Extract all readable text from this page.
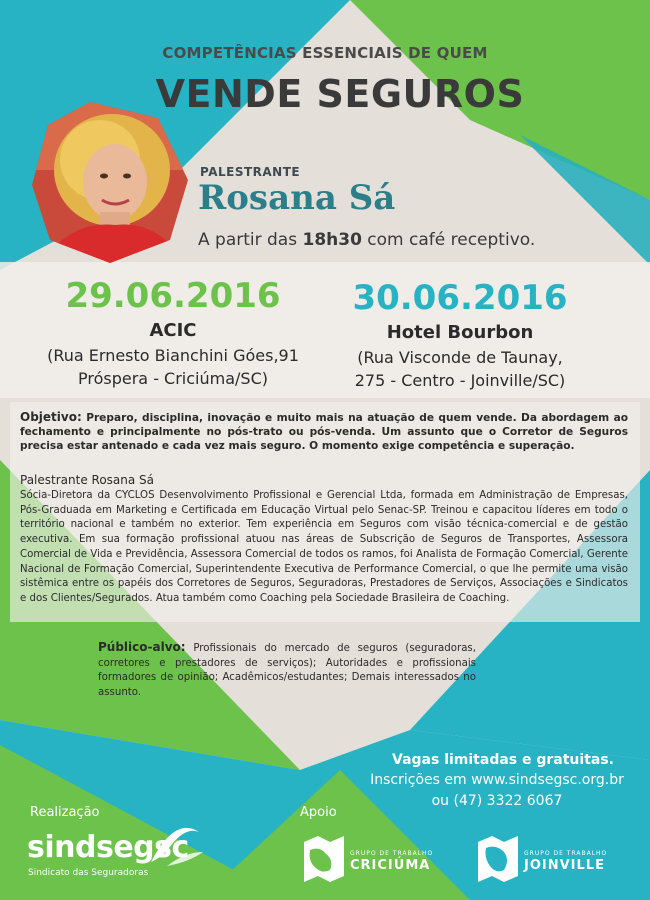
COMPETÊNCIAS ESSENCIAIS DE QUEM
VENDE SEGUROS
PALESTRANTE
Rosana Sá
A partir das 18h30 com café receptivo.
29.06.2016
ACIC
(Rua Ernesto Bianchini Góes,91
Próspera - Criciúma/SC)
30.06.2016
Hotel Bourbon
(Rua Visconde de Taunay,
275 - Centro - Joinville/SC)
Objetivo: Preparo, disciplina, inovação e muito mais na atuação de quem vende. Da abordagem ao fechamento e principalmente no pós-trato ou pós-venda. Um assunto que o Corretor de Seguros precisa estar antenado e cada vez mais seguro. O momento exige competência e superação.
Palestrante Rosana Sá
Sócia-Diretora da CYCLOS Desenvolvimento Profissional e Gerencial Ltda, formada em Administração de Empresas, Pós-Graduada em Marketing e Certificada em Educação Virtual pelo Senac-SP. Treinou e capacitou líderes em todo o território nacional e também no exterior. Tem experiência em Seguros com visão técnica-comercial e de gestão executiva. Em sua formação profissional atuou nas áreas de Subscrição de Seguros de Transportes, Assessora Comercial de Vida e Previdência, Assessora Comercial de todos os ramos, foi Analista de Formação Comercial, Gerente Nacional de Formação Comercial, Superintendente Executiva de Performance Comercial, o que lhe permite uma visão sistêmica entre os papéis dos Corretores de Seguros, Seguradoras, Prestadores de Serviços, Associações e Sindicatos e dos Clientes/Segurados. Atua também como Coaching pela Sociedade Brasileira de Coaching.
Público-alvo: Profissionais do mercado de seguros (seguradoras, corretores e prestadores de serviços); Autoridades e profissionais formadores de opinião; Acadêmicos/estudantes; Demais interessados no assunto.
Vagas limitadas e gratuitas.
Inscrições em www.sindsegsc.org.br
ou (47) 3322 6067
Realização
sindsegsc
Sindicato das Seguradoras
Apoio
GRUPO DE TRABALHO
CRICIÚMA
GRUPO DE TRABALHO
JOINVILLE
